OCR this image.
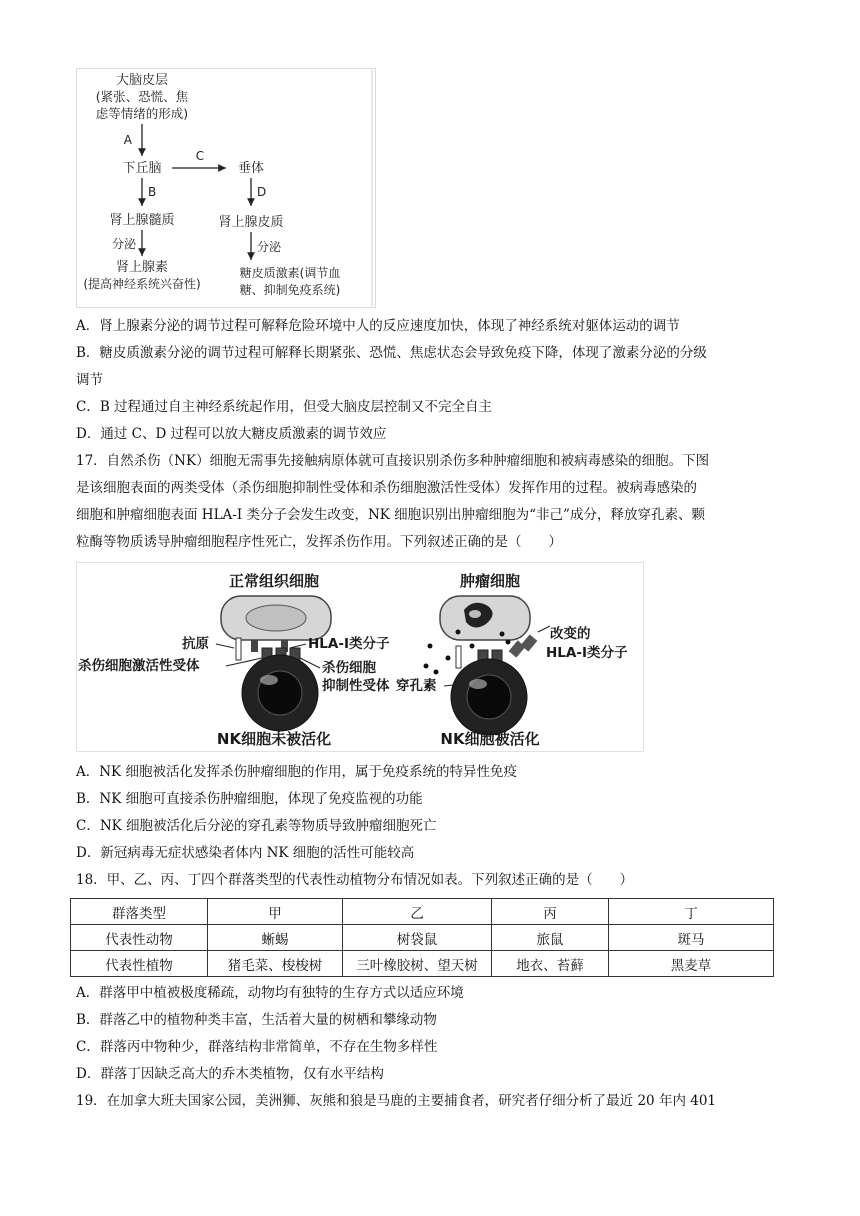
大脑皮层
(紧张、恐慌、焦
虑等情绪的形成)
A
下丘脑
C
垂体
B	D
肾上腺髓质	肾上腺皮质
分泌	分泌
肾上腺素
(提高神经系统兴奋性)
糖皮质激素(调节血
糖、抑制免疫系统)
A．肾上腺素分泌的调节过程可解释危险环境中人的反应速度加快，体现了神经系统对躯体运动的调节
B．糖皮质激素分泌的调节过程可解释长期紧张、恐慌、焦虑状态会导致免疫下降，体现了激素分泌的分级
调节
C．B 过程通过自主神经系统起作用，但受大脑皮层控制又不完全自主
D．通过 C、D 过程可以放大糖皮质激素的调节效应
17．自然杀伤（NK）细胞无需事先接触病原体就可直接识别杀伤多种肿瘤细胞和被病毒感染的细胞。下图
是该细胞表面的两类受体（杀伤细胞抑制性受体和杀伤细胞激活性受体）发挥作用的过程。被病毒感染的
细胞和肿瘤细胞表面 HLA-I 类分子会发生改变，NK 细胞识别出肿瘤细胞为“非己”成分，释放穿孔素、颗
粒酶等物质诱导肿瘤细胞程序性死亡，发挥杀伤作用。下列叙述正确的是（　　）
正常组织细胞	肿瘤细胞
抗原	HLA-I类分子
杀伤细胞激活性受体	杀伤细胞
抑制性受体
改变的
HLA-I类分子
穿孔素
NK细胞未被活化	NK细胞被活化
A．NK 细胞被活化发挥杀伤肿瘤细胞的作用，属于免疫系统的特异性免疫
B．NK 细胞可直接杀伤肿瘤细胞，体现了免疫监视的功能
C．NK 细胞被活化后分泌的穿孔素等物质导致肿瘤细胞死亡
D．新冠病毒无症状感染者体内 NK 细胞的活性可能较高
18．甲、乙、丙、丁四个群落类型的代表性动植物分布情况如表。下列叙述正确的是（　　）
群落类型	甲	乙	丙	丁
代表性动物	蜥蜴	树袋鼠	旅鼠	斑马
代表性植物	猪毛菜、梭梭树	三叶橡胶树、望天树	地衣、苔藓	黑麦草
A．群落甲中植被极度稀疏，动物均有独特的生存方式以适应环境
B．群落乙中的植物种类丰富，生活着大量的树栖和攀缘动物
C．群落丙中物种少，群落结构非常简单，不存在生物多样性
D．群落丁因缺乏高大的乔木类植物，仅有水平结构
19．在加拿大班夫国家公园，美洲狮、灰熊和狼是马鹿的主要捕食者，研究者仔细分析了最近 20 年内 401
